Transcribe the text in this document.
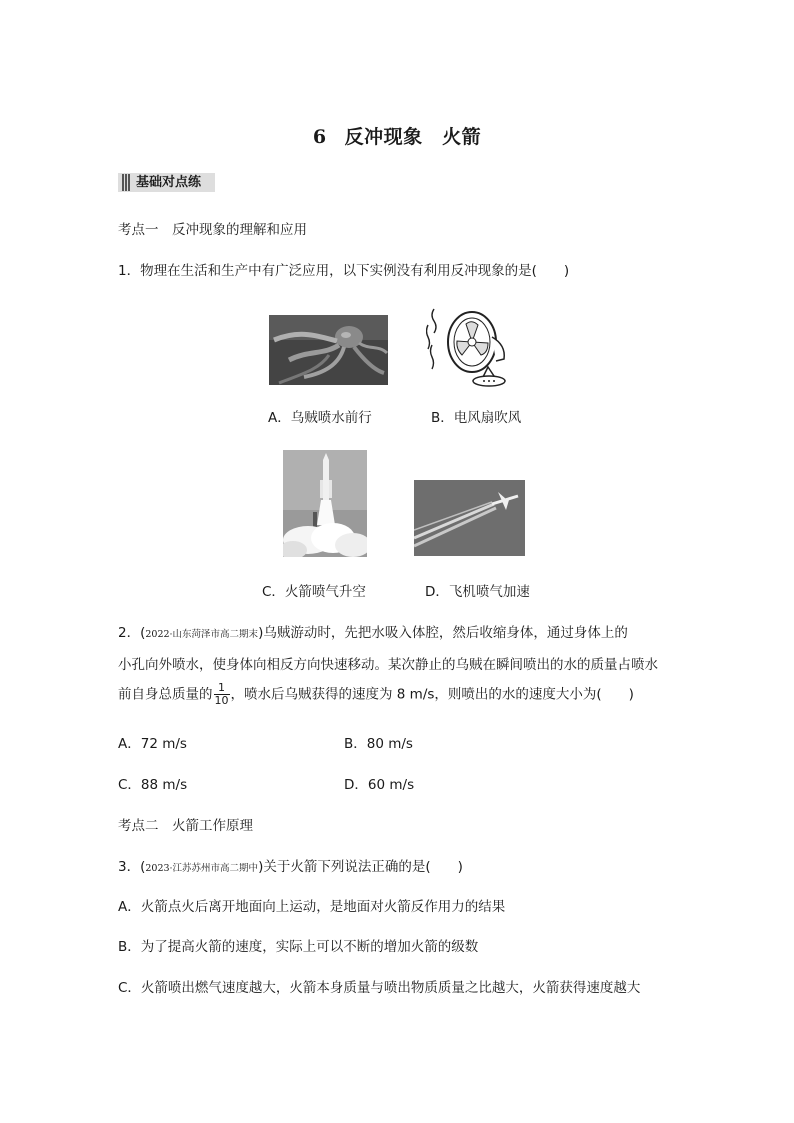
6 反冲现象　火箭
基础对点练
考点一　反冲现象的理解和应用
1．物理在生活和生产中有广泛应用，以下实例没有利用反冲现象的是(　　)
A．乌贼喷水前行	B．电风扇吹风
C．火箭喷气升空	D．飞机喷气加速
2．(2022·山东菏泽市高二期末)乌贼游动时，先把水吸入体腔，然后收缩身体，通过身体上的
小孔向外喷水，使身体向相反方向快速移动。某次静止的乌贼在瞬间喷出的水的质量占喷水
前自身总质量的 $\frac{1}{10}$ ，喷水后乌贼获得的速度为 8 m/s，则喷出的水的速度大小为(　　)
A．72 m/s	B．80 m/s
C．88 m/s	D．60 m/s
考点二　火箭工作原理
3．(2023·江苏苏州市高二期中)关于火箭下列说法正确的是(　　)
A．火箭点火后离开地面向上运动，是地面对火箭反作用力的结果
B．为了提高火箭的速度，实际上可以不断的增加火箭的级数
C．火箭喷出燃气速度越大，火箭本身质量与喷出物质质量之比越大，火箭获得速度越大
